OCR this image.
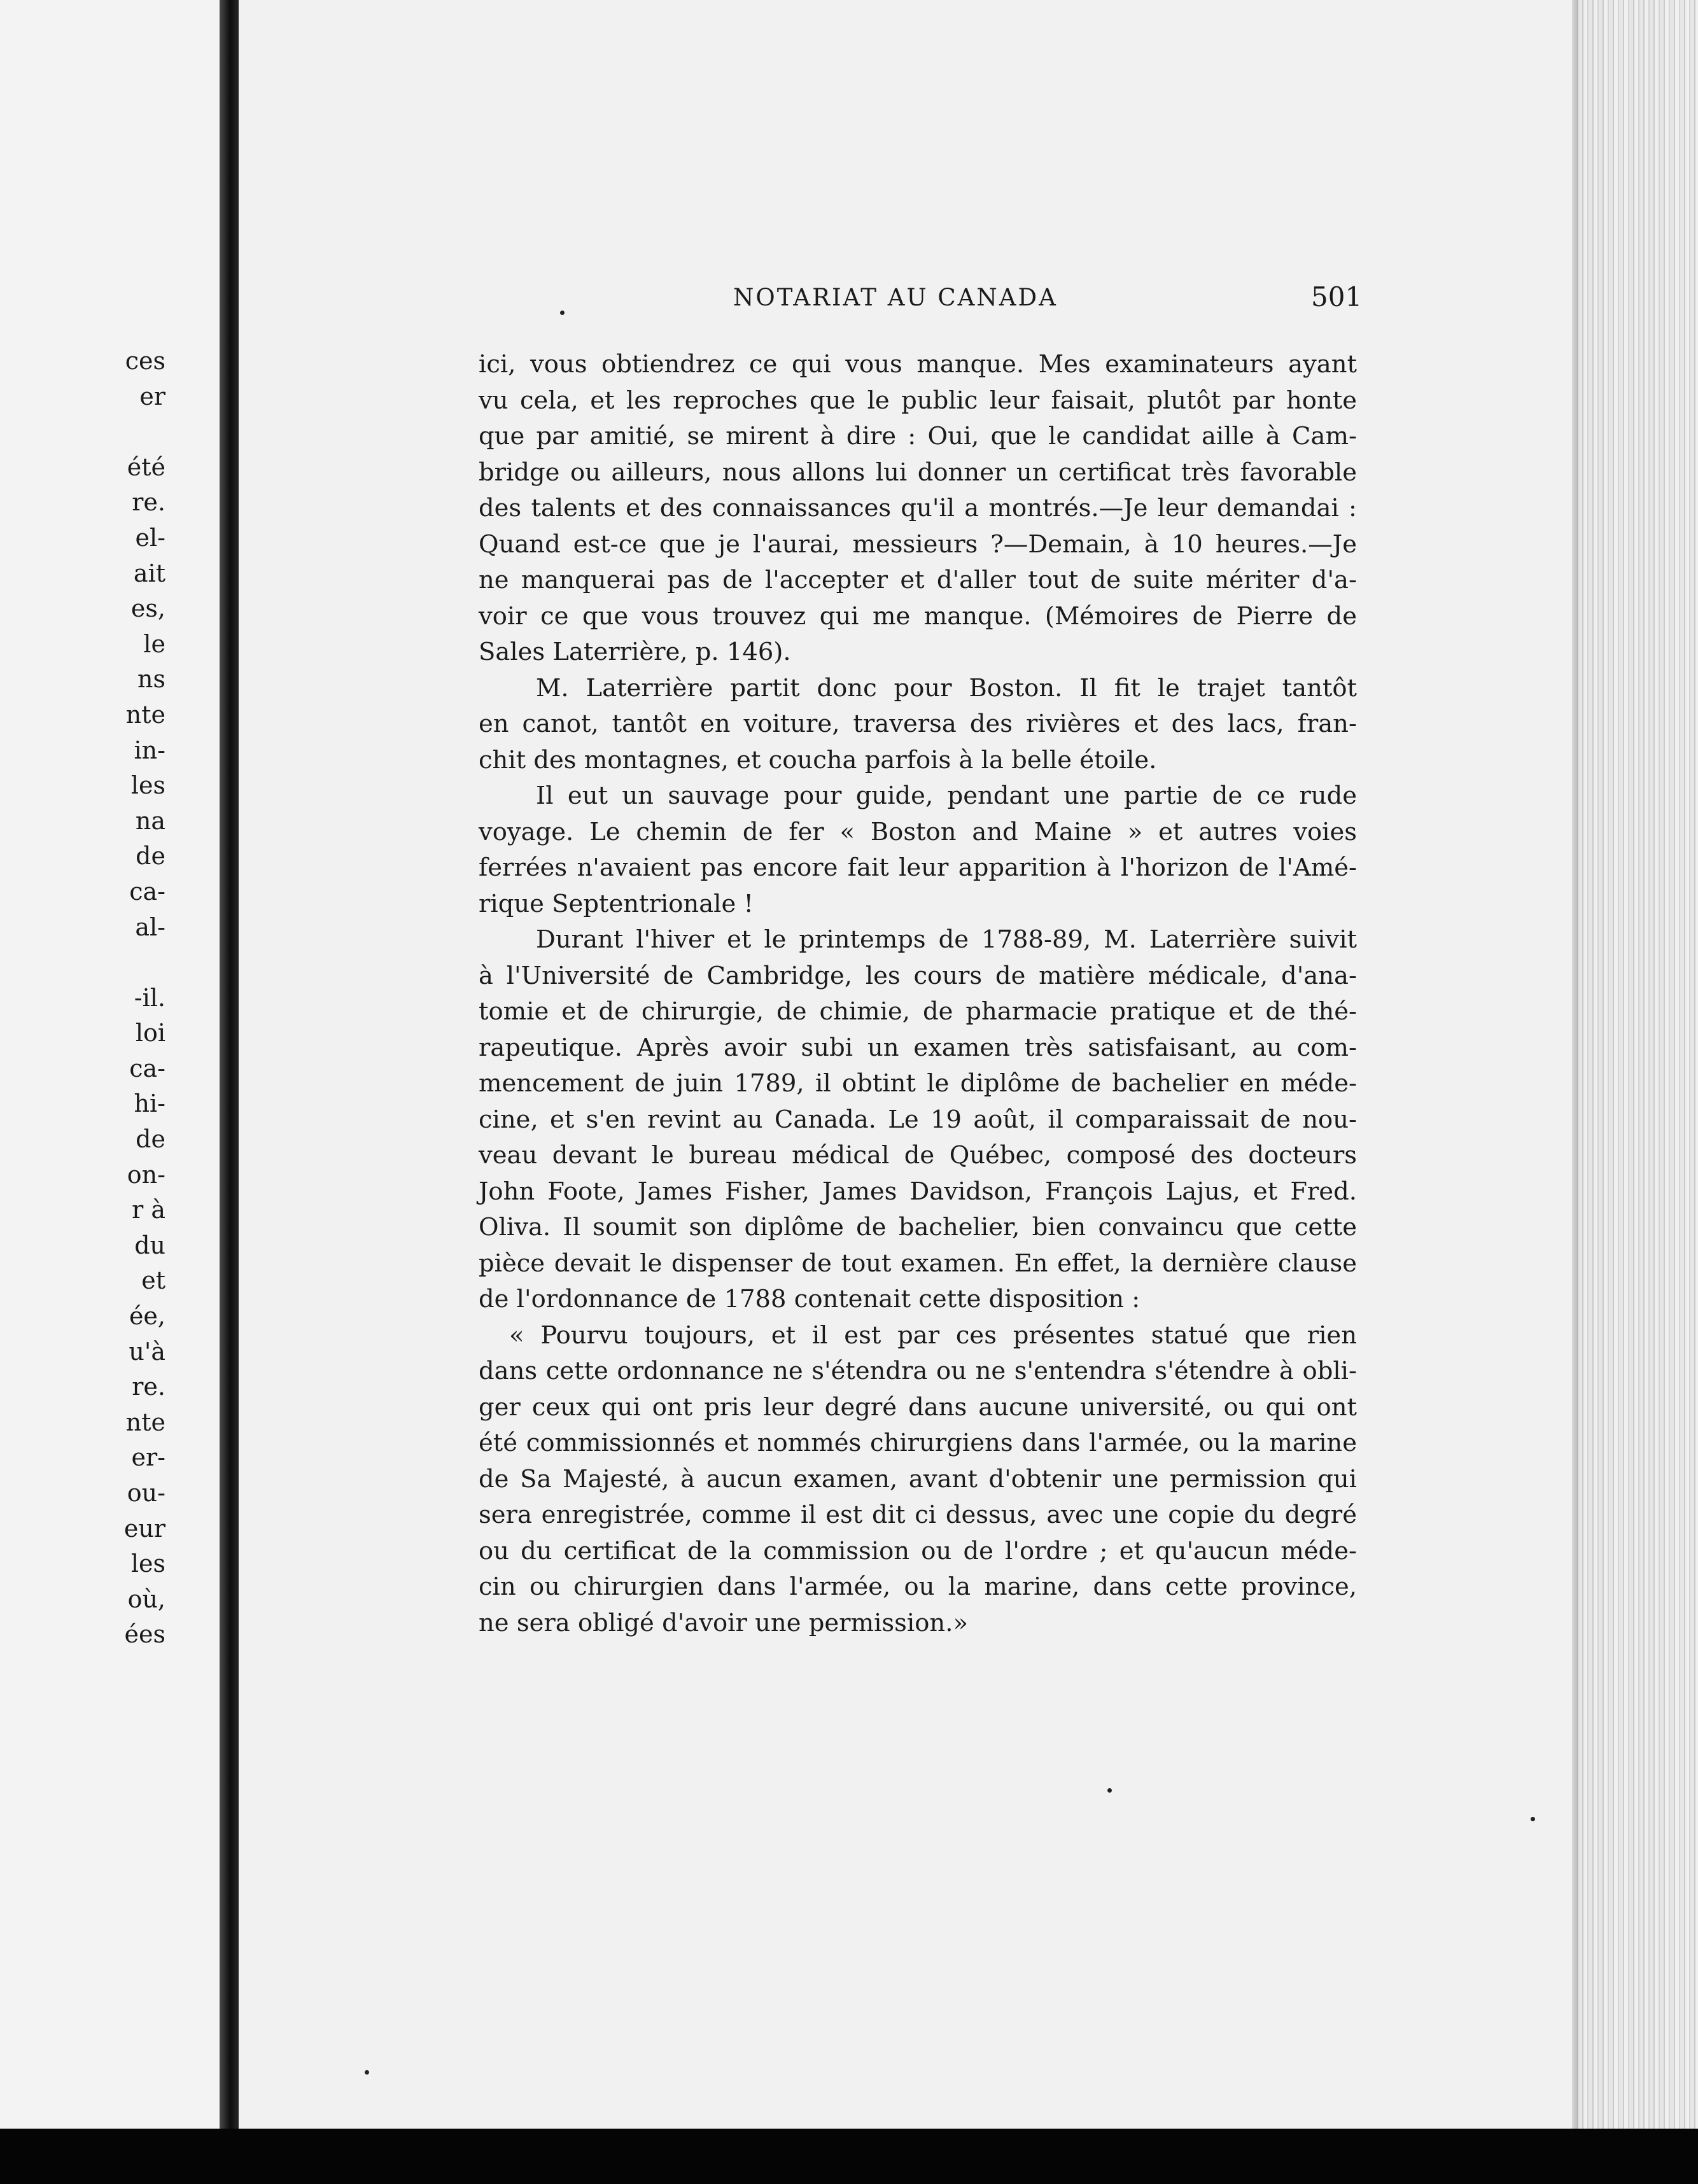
ces
er
été
re.
el-
ait
es,
le
ns
nte
in-
les
na
de
ca-
al-
-il.
loi
ca-
hi-
de
on-
r à
du
et
ée,
u'à
re.
nte
er-
ou-
eur
les
où,
ées
NOTARIAT AU CANADA	501
ici, vous obtiendrez ce qui vous manque. Mes examinateurs ayant
vu cela, et les reproches que le public leur faisait, plutôt par honte
que par amitié, se mirent à dire : Oui, que le candidat aille à Cam-
bridge ou ailleurs, nous allons lui donner un certificat très favorable
des talents et des connaissances qu'il a montrés.—Je leur demandai :
Quand est-ce que je l'aurai, messieurs ?—Demain, à 10 heures.—Je
ne manquerai pas de l'accepter et d'aller tout de suite mériter d'a-
voir ce que vous trouvez qui me manque. (Mémoires de Pierre de
Sales Laterrière, p. 146).
M. Laterrière partit donc pour Boston. Il fit le trajet tantôt
en canot, tantôt en voiture, traversa des rivières et des lacs, fran-
chit des montagnes, et coucha parfois à la belle étoile.
Il eut un sauvage pour guide, pendant une partie de ce rude
voyage. Le chemin de fer « Boston and Maine » et autres voies
ferrées n'avaient pas encore fait leur apparition à l'horizon de l'Amé-
rique Septentrionale !
Durant l'hiver et le printemps de 1788-89, M. Laterrière suivit
à l'Université de Cambridge, les cours de matière médicale, d'ana-
tomie et de chirurgie, de chimie, de pharmacie pratique et de thé-
rapeutique. Après avoir subi un examen très satisfaisant, au com-
mencement de juin 1789, il obtint le diplôme de bachelier en méde-
cine, et s'en revint au Canada. Le 19 août, il comparaissait de nou-
veau devant le bureau médical de Québec, composé des docteurs
John Foote, James Fisher, James Davidson, François Lajus, et Fred.
Oliva. Il soumit son diplôme de bachelier, bien convaincu que cette
pièce devait le dispenser de tout examen. En effet, la dernière clause
de l'ordonnance de 1788 contenait cette disposition :
« Pourvu toujours, et il est par ces présentes statué que rien
dans cette ordonnance ne s'étendra ou ne s'entendra s'étendre à obli-
ger ceux qui ont pris leur degré dans aucune université, ou qui ont
été commissionnés et nommés chirurgiens dans l'armée, ou la marine
de Sa Majesté, à aucun examen, avant d'obtenir une permission qui
sera enregistrée, comme il est dit ci dessus, avec une copie du degré
ou du certificat de la commission ou de l'ordre ; et qu'aucun méde-
cin ou chirurgien dans l'armée, ou la marine, dans cette province,
ne sera obligé d'avoir une permission.»
